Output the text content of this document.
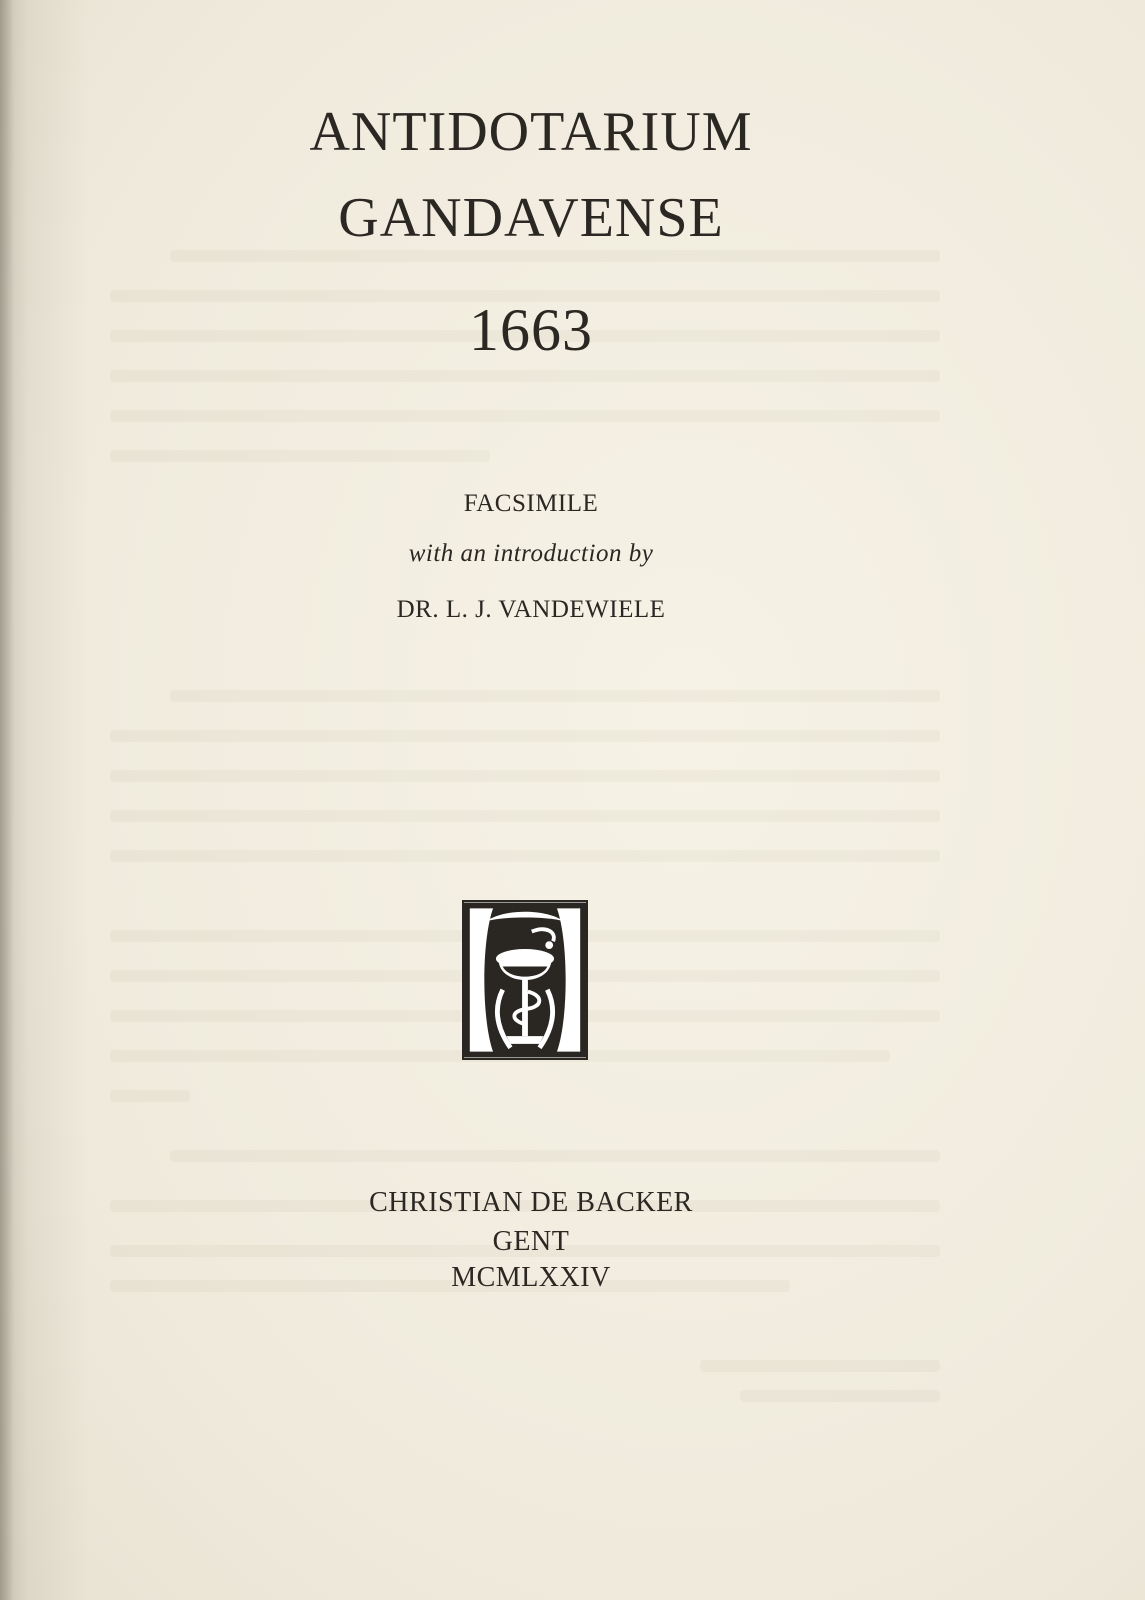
ANTIDOTARIUM
GANDAVENSE
1663
FACSIMILE
with an introduction by
DR. L. J. VANDEWIELE
CHRISTIAN DE BACKER
GENT
MCMLXXIV
